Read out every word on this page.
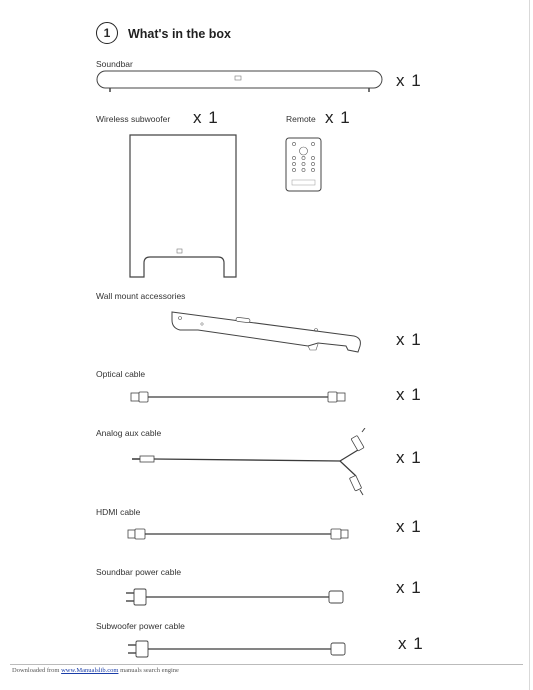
1	What's in the box
Soundbar
x 1
Wireless subwoofer x 1	Remote x 1
Wall mount accessories
x 1
Optical cable
x 1
Analog aux cable
x 1
HDMI cable
x 1
Soundbar power cable
x 1
Subwoofer power cable
x 1
Downloaded from www.Manualslib.com manuals search engine
